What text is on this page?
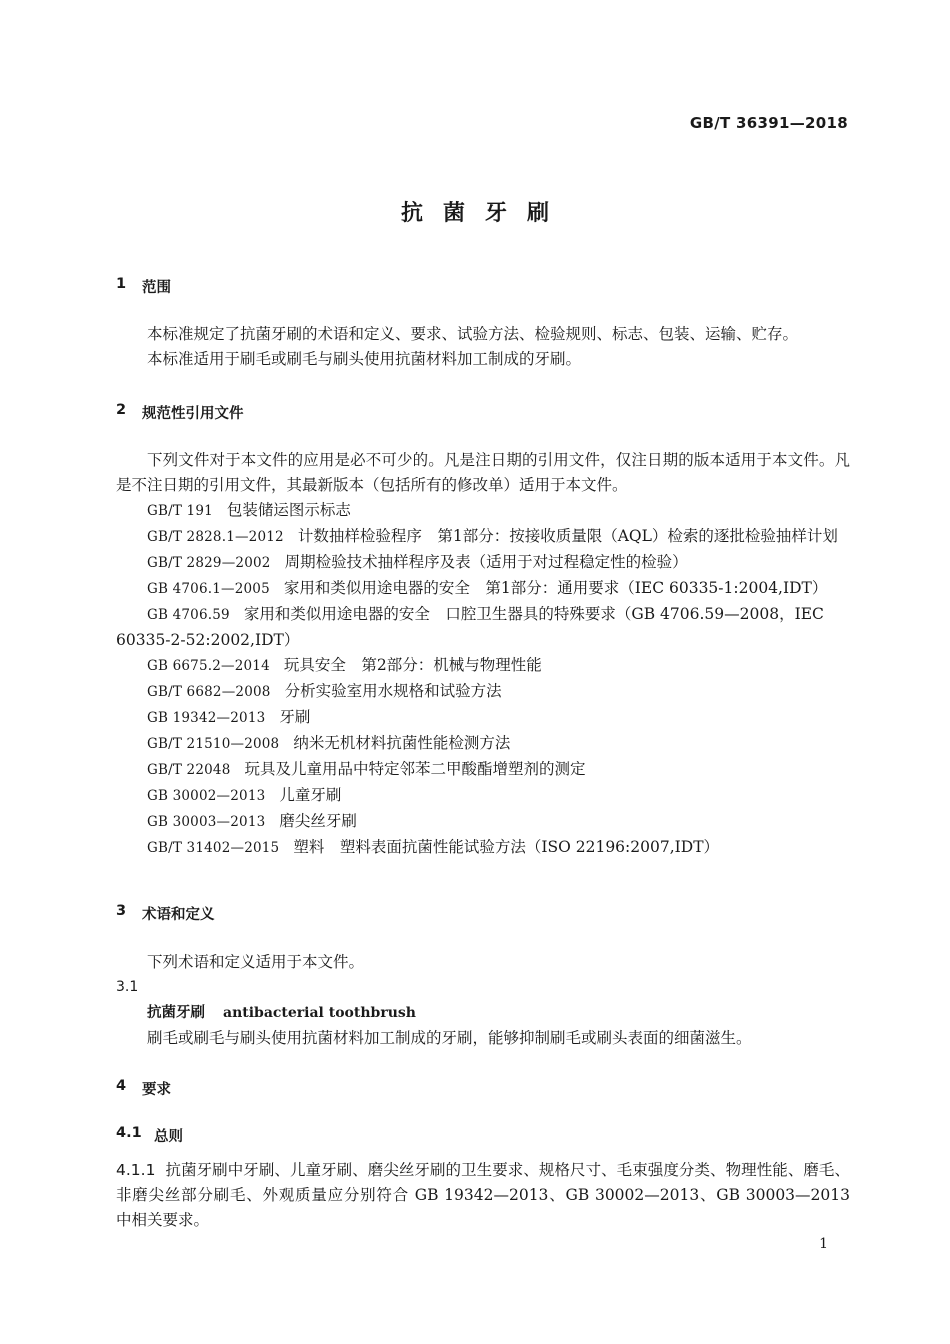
GB/T 36391—2018
抗菌牙刷
1	范围
本标准规定了抗菌牙刷的术语和定义、要求、试验方法、检验规则、标志、包装、运输、贮存。
本标准适用于刷毛或刷毛与刷头使用抗菌材料加工制成的牙刷。
2	规范性引用文件
下列文件对于本文件的应用是必不可少的。凡是注日期的引用文件，仅注日期的版本适用于本文件。凡是不注日期的引用文件，其最新版本（包括所有的修改单）适用于本文件。
GB/T 191 包装储运图示标志
GB/T 2828.1—2012 计数抽样检验程序　第1部分：按接收质量限（AQL）检索的逐批检验抽样计划
GB/T 2829—2002 周期检验技术抽样程序及表（适用于对过程稳定性的检验）
GB 4706.1—2005 家用和类似用途电器的安全　第1部分：通用要求（IEC 60335-1:2004,IDT）
GB 4706.59 家用和类似用途电器的安全　口腔卫生器具的特殊要求（GB 4706.59—2008，IEC 60335-2-52:2002,IDT）
GB 6675.2—2014 玩具安全　第2部分：机械与物理性能
GB/T 6682—2008 分析实验室用水规格和试验方法
GB 19342—2013 牙刷
GB/T 21510—2008 纳米无机材料抗菌性能检测方法
GB/T 22048 玩具及儿童用品中特定邻苯二甲酸酯增塑剂的测定
GB 30002—2013 儿童牙刷
GB 30003—2013 磨尖丝牙刷
GB/T 31402—2015 塑料　塑料表面抗菌性能试验方法（ISO 22196:2007,IDT）
3	术语和定义
下列术语和定义适用于本文件。
3.1
抗菌牙刷 antibacterial toothbrush
刷毛或刷毛与刷头使用抗菌材料加工制成的牙刷，能够抑制刷毛或刷头表面的细菌滋生。
4	要求
4.1 总则
4.1.1 抗菌牙刷中牙刷、儿童牙刷、磨尖丝牙刷的卫生要求、规格尺寸、毛束强度分类、物理性能、磨毛、非磨尖丝部分刷毛、外观质量应分别符合 GB 19342—2013、GB 30002—2013、GB 30003—2013 中相关要求。
1
